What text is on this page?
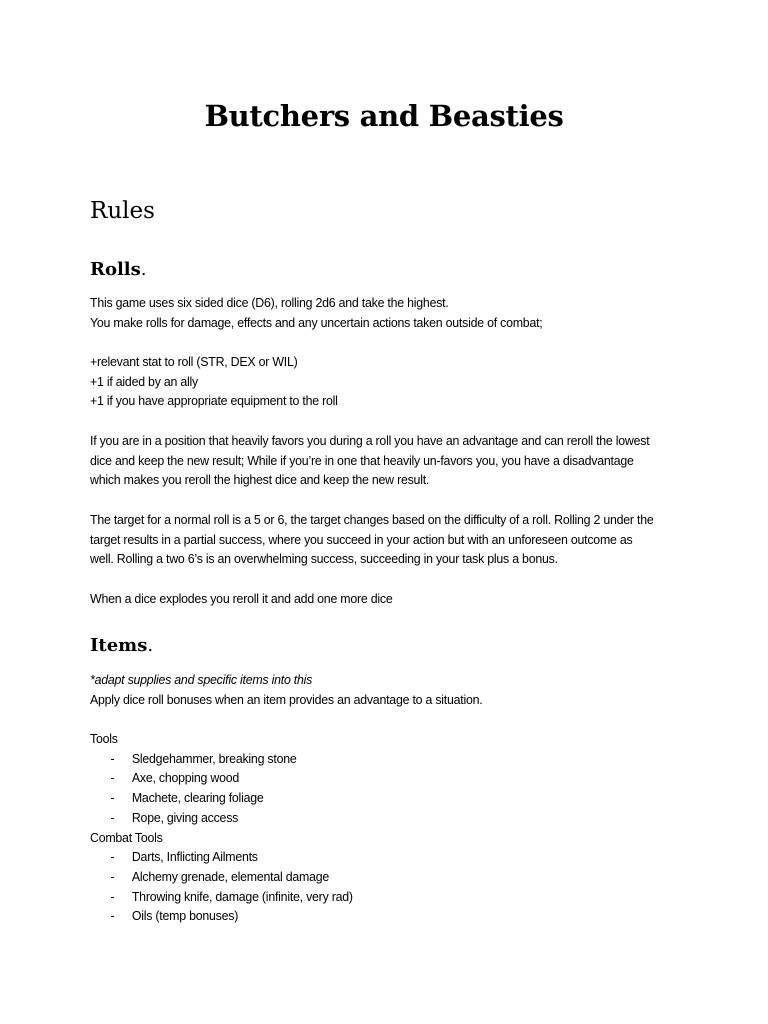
Butchers and Beasties
Rules
Rolls.
This game uses six sided dice (D6), rolling 2d6 and take the highest.
You make rolls for damage, effects and any uncertain actions taken outside of combat;
+relevant stat to roll (STR, DEX or WIL)
+1 if aided by an ally
+1 if you have appropriate equipment to the roll
If you are in a position that heavily favors you during a roll you have an advantage and can reroll the lowest
dice and keep the new result; While if you’re in one that heavily un-favors you, you have a disadvantage
which makes you reroll the highest dice and keep the new result.
The target for a normal roll is a 5 or 6, the target changes based on the difficulty of a roll. Rolling 2 under the
target results in a partial success, where you succeed in your action but with an unforeseen outcome as
well. Rolling a two 6’s is an overwhelming success, succeeding in your task plus a bonus.
When a dice explodes you reroll it and add one more dice
Items.
*adapt supplies and specific items into this
Apply dice roll bonuses when an item provides an advantage to a situation.
Tools
- Sledgehammer, breaking stone
- Axe, chopping wood
- Machete, clearing foliage
- Rope, giving access
Combat Tools
- Darts, Inflicting Ailments
- Alchemy grenade, elemental damage
- Throwing knife, damage (infinite, very rad)
- Oils (temp bonuses)
